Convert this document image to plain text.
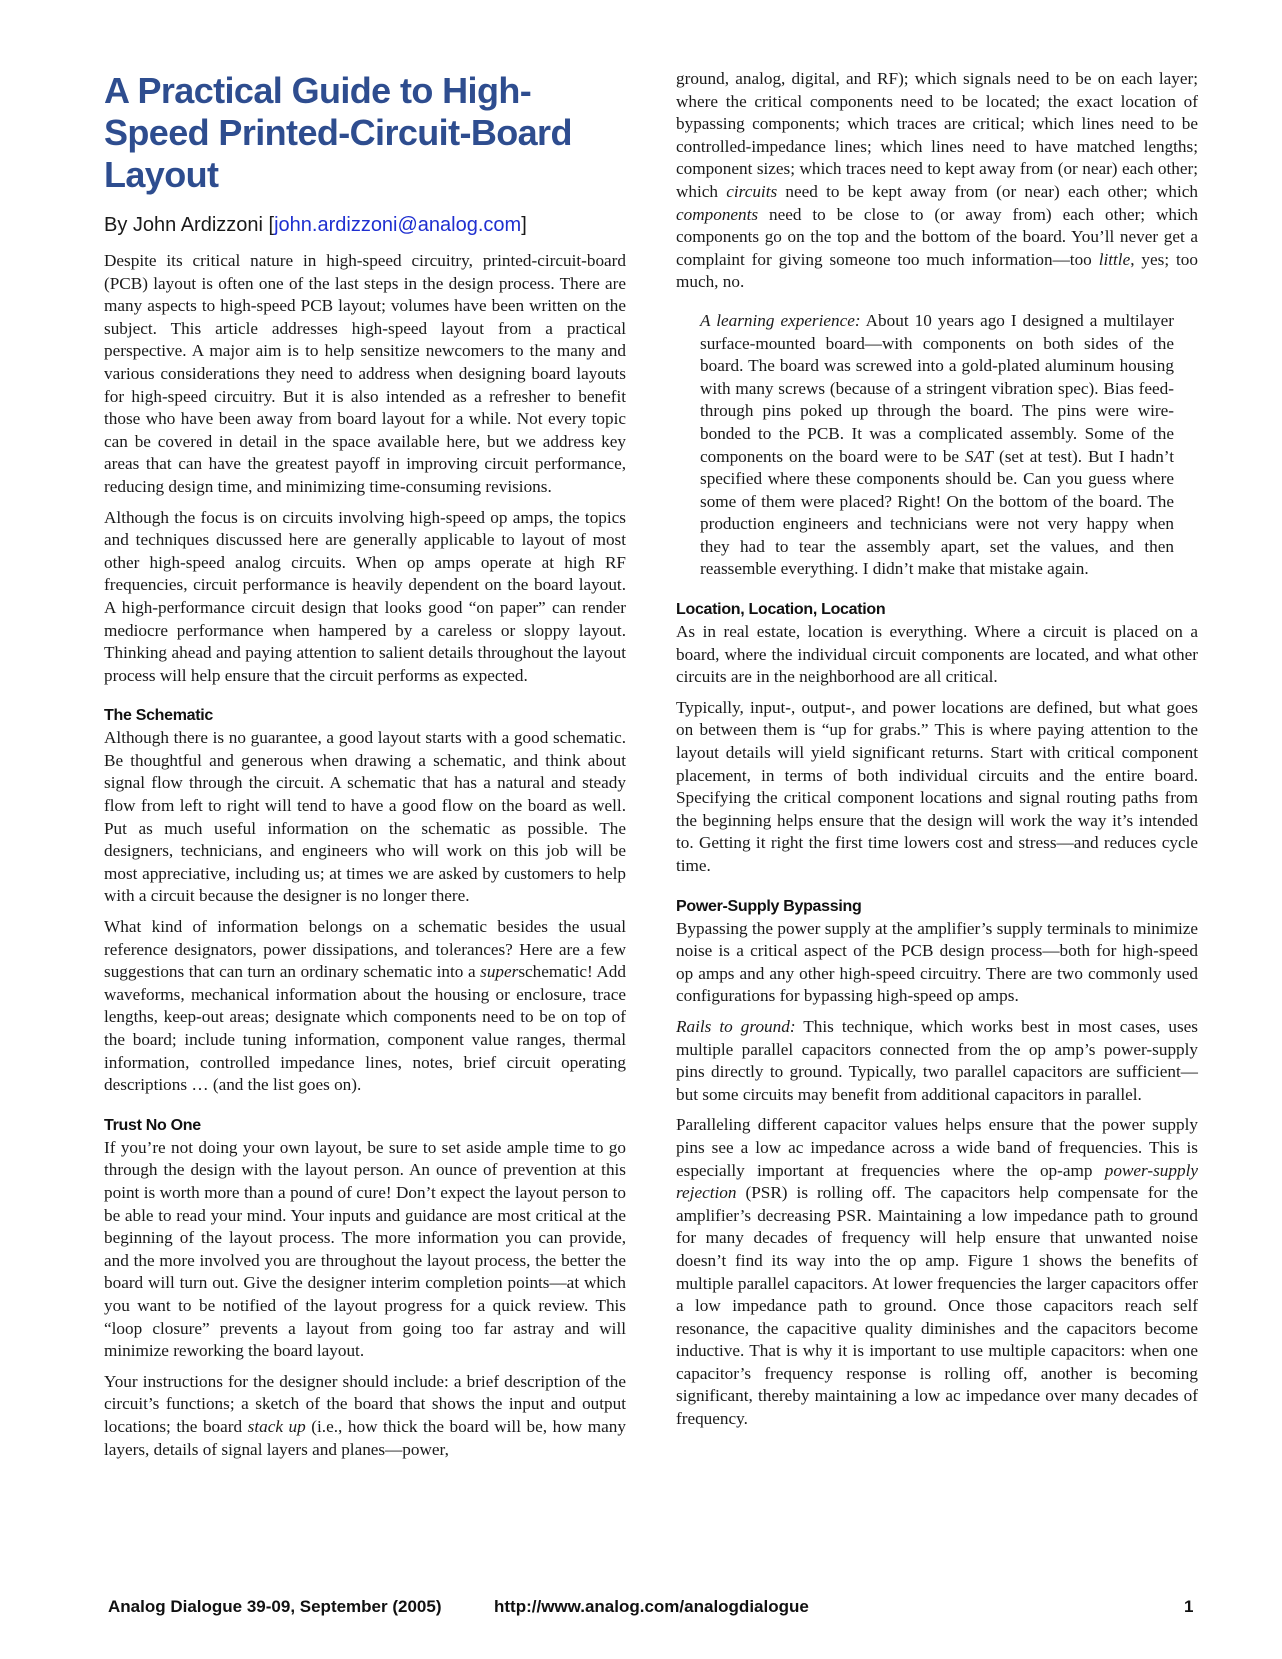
A Practical Guide to High-Speed Printed-Circuit-Board Layout
By John Ardizzoni [john.ardizzoni@analog.com]

Despite its critical nature in high-speed circuitry, printed-circuit-board (PCB) layout is often one of the last steps in the design process. There are many aspects to high-speed PCB layout; volumes have been written on the subject. This article addresses high-speed layout from a practical perspective. A major aim is to help sensitize newcomers to the many and various considerations they need to address when designing board layouts for high-speed circuitry. But it is also intended as a refresher to benefit those who have been away from board layout for a while. Not every topic can be covered in detail in the space available here, but we address key areas that can have the greatest payoff in improving circuit performance, reducing design time, and minimizing time-consuming revisions.

Although the focus is on circuits involving high-speed op amps, the topics and techniques discussed here are generally applicable to layout of most other high-speed analog circuits. When op amps operate at high RF frequencies, circuit performance is heavily dependent on the board layout. A high-performance circuit design that looks good “on paper” can render mediocre performance when hampered by a careless or sloppy layout. Thinking ahead and paying attention to salient details throughout the layout process will help ensure that the circuit performs as expected.

The Schematic

Although there is no guarantee, a good layout starts with a good schematic. Be thoughtful and generous when drawing a schematic, and think about signal flow through the circuit. A schematic that has a natural and steady flow from left to right will tend to have a good flow on the board as well. Put as much useful information on the schematic as possible. The designers, technicians, and engineers who will work on this job will be most appreciative, including us; at times we are asked by customers to help with a circuit because the designer is no longer there.

What kind of information belongs on a schematic besides the usual reference designators, power dissipations, and tolerances? Here are a few suggestions that can turn an ordinary schematic into a superschematic! Add waveforms, mechanical information about the housing or enclosure, trace lengths, keep-out areas; designate which components need to be on top of the board; include tuning information, component value ranges, thermal information, controlled impedance lines, notes, brief circuit operating descriptions … (and the list goes on).

Trust No One

If you’re not doing your own layout, be sure to set aside ample time to go through the design with the layout person. An ounce of prevention at this point is worth more than a pound of cure! Don’t expect the layout person to be able to read your mind. Your inputs and guidance are most critical at the beginning of the layout process. The more information you can provide, and the more involved you are throughout the layout process, the better the board will turn out. Give the designer interim completion points—at which you want to be notified of the layout progress for a quick review. This “loop closure” prevents a layout from going too far astray and will minimize reworking the board layout.

Your instructions for the designer should include: a brief description of the circuit’s functions; a sketch of the board that shows the input and output locations; the board stack up (i.e., how thick the board will be, how many layers, details of signal layers and planes—power,

ground, analog, digital, and RF); which signals need to be on each layer; where the critical components need to be located; the exact location of bypassing components; which traces are critical; which lines need to be controlled-impedance lines; which lines need to have matched lengths; component sizes; which traces need to kept away from (or near) each other; which circuits need to be kept away from (or near) each other; which components need to be close to (or away from) each other; which components go on the top and the bottom of the board. You’ll never get a complaint for giving someone too much information—too little, yes; too much, no.

A learning experience: About 10 years ago I designed a multilayer surface-mounted board—with components on both sides of the board. The board was screwed into a gold-plated aluminum housing with many screws (because of a stringent vibration spec). Bias feed-through pins poked up through the board. The pins were wire-bonded to the PCB. It was a complicated assembly. Some of the components on the board were to be SAT (set at test). But I hadn’t specified where these components should be. Can you guess where some of them were placed? Right! On the bottom of the board. The production engineers and technicians were not very happy when they had to tear the assembly apart, set the values, and then reassemble everything. I didn’t make that mistake again.

Location, Location, Location

As in real estate, location is everything. Where a circuit is placed on a board, where the individual circuit components are located, and what other circuits are in the neighborhood are all critical.

Typically, input-, output-, and power locations are defined, but what goes on between them is “up for grabs.” This is where paying attention to the layout details will yield significant returns. Start with critical component placement, in terms of both individual circuits and the entire board. Specifying the critical component locations and signal routing paths from the beginning helps ensure that the design will work the way it’s intended to. Getting it right the first time lowers cost and stress—and reduces cycle time.

Power-Supply Bypassing

Bypassing the power supply at the amplifier’s supply terminals to minimize noise is a critical aspect of the PCB design process—both for high-speed op amps and any other high-speed circuitry. There are two commonly used configurations for bypassing high-speed op amps.

Rails to ground: This technique, which works best in most cases, uses multiple parallel capacitors connected from the op amp’s power-supply pins directly to ground. Typically, two parallel capacitors are sufficient—but some circuits may benefit from additional capacitors in parallel.

Paralleling different capacitor values helps ensure that the power supply pins see a low ac impedance across a wide band of frequencies. This is especially important at frequencies where the op-amp power-supply rejection (PSR) is rolling off. The capacitors help compensate for the amplifier’s decreasing PSR. Maintaining a low impedance path to ground for many decades of frequency will help ensure that unwanted noise doesn’t find its way into the op amp. Figure 1 shows the benefits of multiple parallel capacitors. At lower frequencies the larger capacitors offer a low impedance path to ground. Once those capacitors reach self resonance, the capacitive quality diminishes and the capacitors become inductive. That is why it is important to use multiple capacitors: when one capacitor’s frequency response is rolling off, another is becoming significant, thereby maintaining a low ac impedance over many decades of frequency.

Analog Dialogue 39-09, September (2005)	http://www.analog.com/analogdialogue	1
